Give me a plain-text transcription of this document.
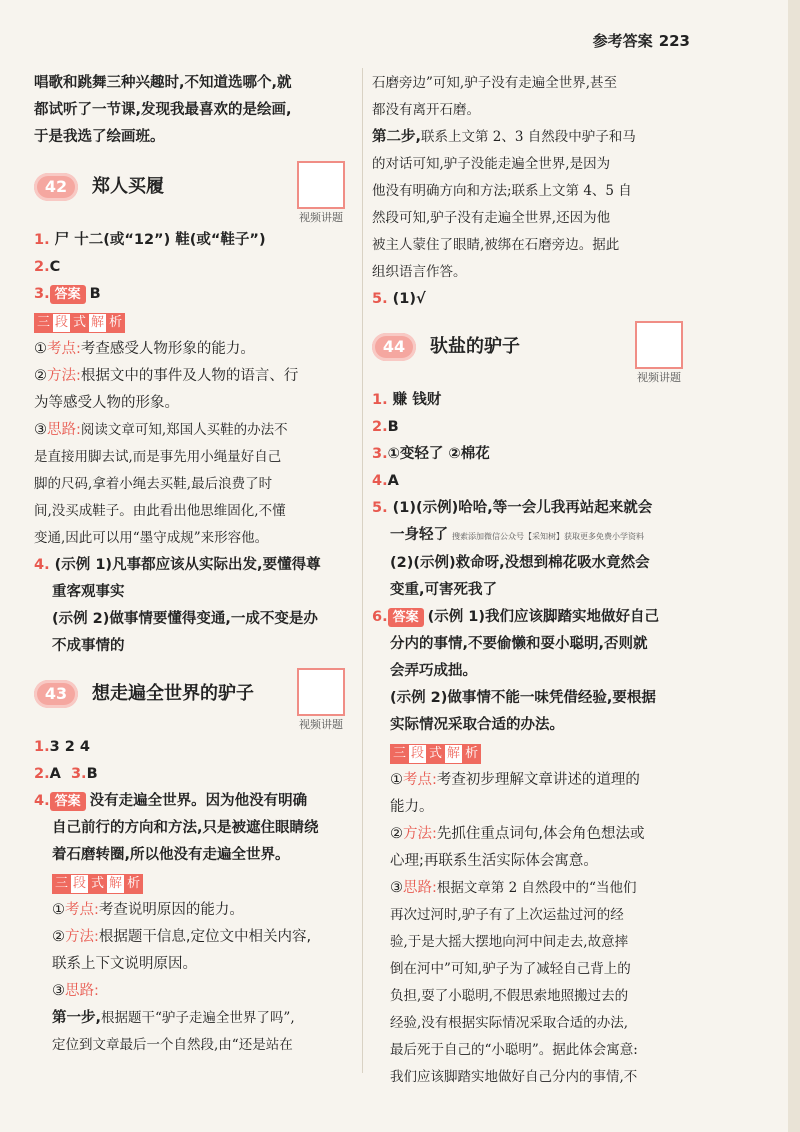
参考答案 223
唱歌和跳舞三种兴趣时,不知道选哪个,就
都试听了一节课,发现我最喜欢的是绘画,
于是我选了绘画班。
42	郑人买履
视频讲题
1. 尸 十二(或“12”) 鞋(或“鞋子”)
2.C
3. 答案 B
三 段 式 解 析
①考点:考查感受人物形象的能力。
②方法:根据文中的事件及人物的语言、行
为等感受人物的形象。
③思路:阅读文章可知,郑国人买鞋的办法不
是直接用脚去试,而是事先用小绳量好自己
脚的尺码,拿着小绳去买鞋,最后浪费了时
间,没买成鞋子。由此看出他思维固化,不懂
变通,因此可以用“墨守成规”来形容他。
4. (示例 1)凡事都应该从实际出发,要懂得尊
重客观事实
(示例 2)做事情要懂得变通,一成不变是办
不成事情的
43	想走遍全世界的驴子
视频讲题
1.3 2 4
2.A 3.B
4. 答案 没有走遍全世界。因为他没有明确
自己前行的方向和方法,只是被遮住眼睛绕
着石磨转圈,所以他没有走遍全世界。
三 段 式 解 析
①考点:考查说明原因的能力。
②方法:根据题干信息,定位文中相关内容,
联系上下文说明原因。
③思路:
第一步,根据题干“驴子走遍全世界了吗”,
定位到文章最后一个自然段,由“还是站在
石磨旁边”可知,驴子没有走遍全世界,甚至
都没有离开石磨。
第二步,联系上文第 2、3 自然段中驴子和马
的对话可知,驴子没能走遍全世界,是因为
他没有明确方向和方法;联系上文第 4、5 自
然段可知,驴子没有走遍全世界,还因为他
被主人蒙住了眼睛,被绑在石磨旁边。据此
组织语言作答。
5. (1)√
44	驮盐的驴子
视频讲题
1. 赚 钱财
2.B
3.①变轻了 ②棉花
4.A
5. (1)(示例)哈哈,等一会儿我再站起来就会
一身轻了 搜索添加微信公众号【采知树】获取更多免费小学资料
(2)(示例)救命呀,没想到棉花吸水竟然会
变重,可害死我了
6. 答案 (示例 1)我们应该脚踏实地做好自己
分内的事情,不要偷懒和耍小聪明,否则就
会弄巧成拙。
(示例 2)做事情不能一味凭借经验,要根据
实际情况采取合适的办法。
三 段 式 解 析
①考点:考查初步理解文章讲述的道理的
能力。
②方法:先抓住重点词句,体会角色想法或
心理;再联系生活实际体会寓意。
③思路:根据文章第 2 自然段中的“当他们
再次过河时,驴子有了上次运盐过河的经
验,于是大摇大摆地向河中间走去,故意摔
倒在河中”可知,驴子为了减轻自己背上的
负担,耍了小聪明,不假思索地照搬过去的
经验,没有根据实际情况采取合适的办法,
最后死于自己的“小聪明”。据此体会寓意:
我们应该脚踏实地做好自己分内的事情,不
